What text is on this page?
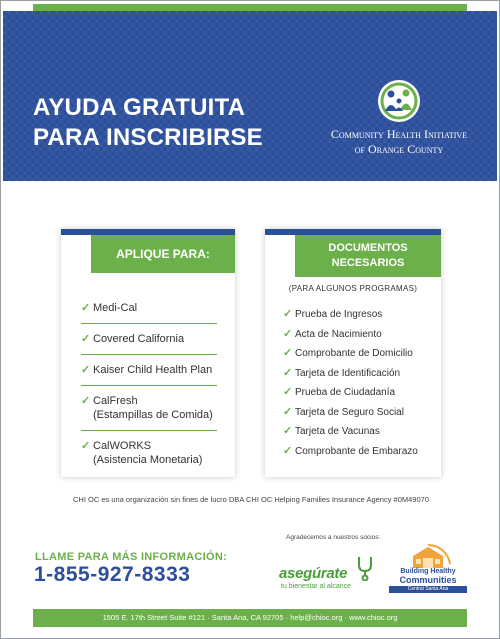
AYUDA GRATUITA
PARA INSCRIBIRSE	Community Health Initiative
of Orange County
APLIQUE PARA:
✓ Medi-Cal
✓ Covered California
✓ Kaiser Child Health Plan
✓ CalFresh
(Estampillas de Comida)
✓ CalWORKS
(Asistencia Monetaria)
DOCUMENTOS
NECESARIOS
(PARA ALGUNOS PROGRAMAS)
✓ Prueba de Ingresos
✓ Acta de Nacimiento
✓ Comprobante de Domicilio
✓ Tarjeta de Identificación
✓ Prueba de Ciudadanía
✓ Tarjeta de Seguro Social
✓ Tarjeta de Vacunas
✓ Comprobante de Embarazo
CHI OC es una organización sin fines de lucro DBA CHI OC Helping Families Insurance Agency #0M49070
LLAME PARA MÁS INFORMACIÓN:
1-855-927-8333
Agradecemos a nuestros socios:
asegúrate
tu bienestar al alcance
Building Healthy
Communities
Central Santa Ana
1505 E. 17th Street Suite #121 · Santa Ana, CA 92705 · help@chioc.org · www.chioc.org
